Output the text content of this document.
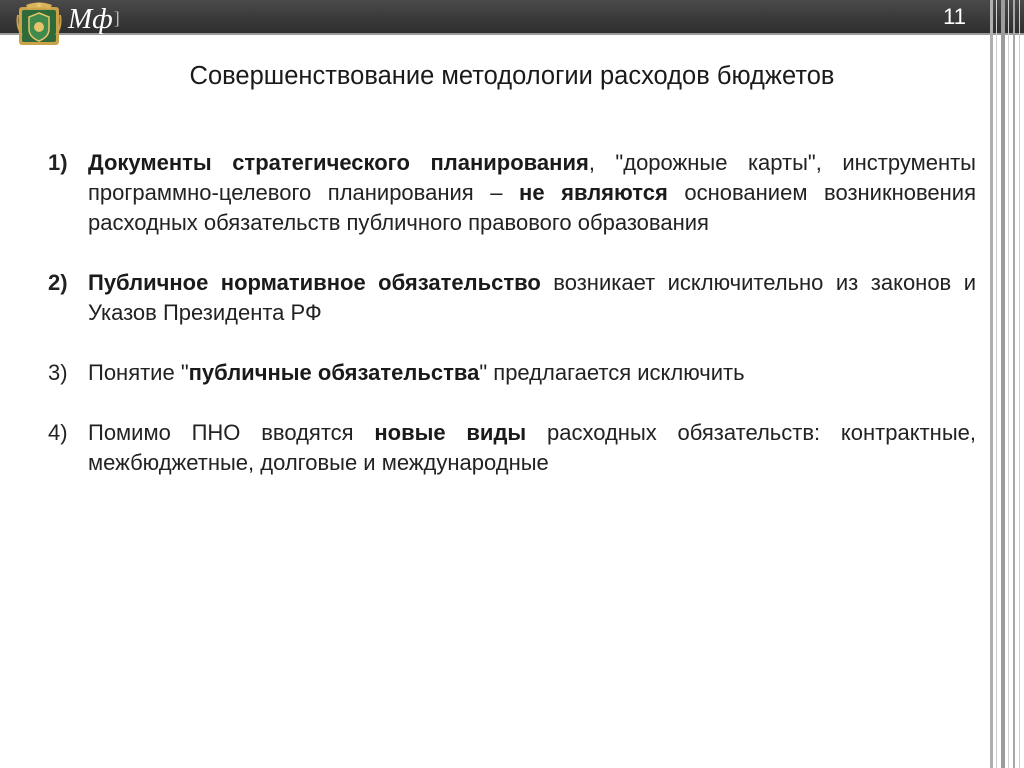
Мф]	11
Совершенствование методологии расходов бюджетов
1) Документы стратегического планирования, "дорожные карты", инструменты программно-целевого планирования – не являются основанием возникновения расходных обязательств публичного правового образования
2) Публичное нормативное обязательство возникает исключительно из законов и Указов Президента РФ
3) Понятие "публичные обязательства" предлагается исключить
4) Помимо ПНО вводятся новые виды расходных обязательств: контрактные, межбюджетные, долговые и международные
